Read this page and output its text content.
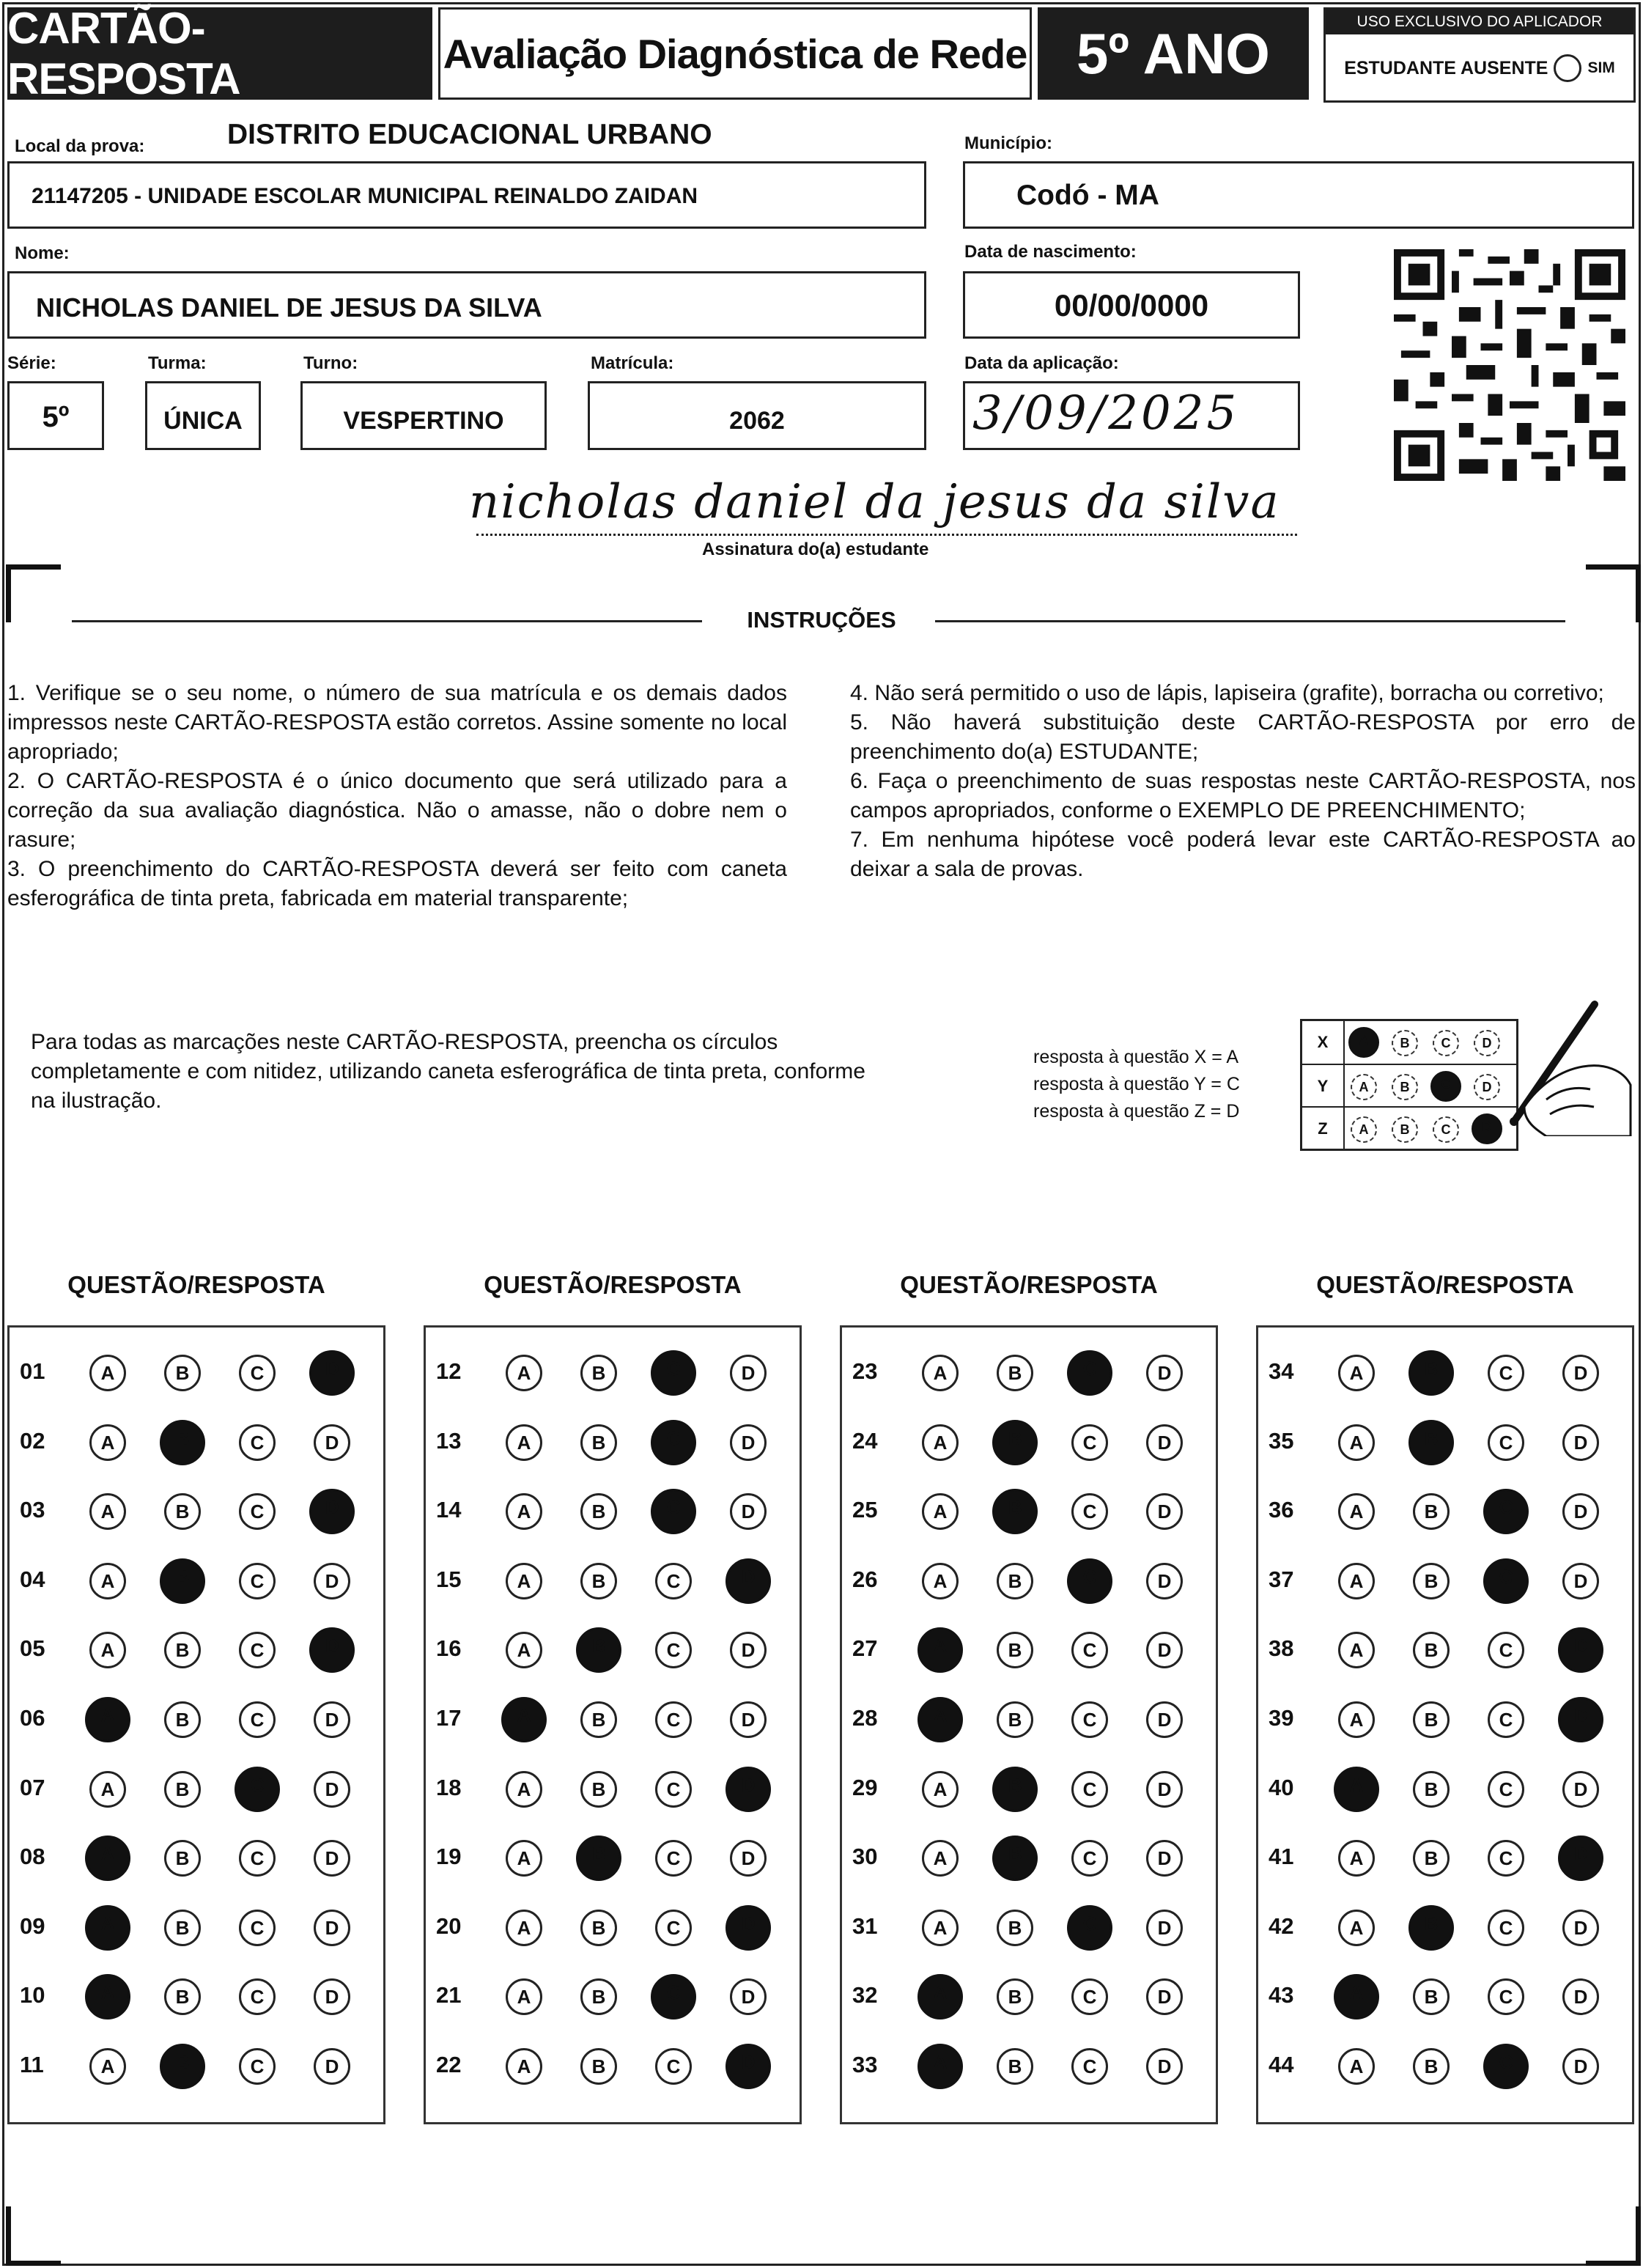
CARTÃO-RESPOSTA
Avaliação Diagnóstica de Rede 5º ANO	USO EXCLUSIVO DO APLICADOR
ESTUDANTE AUSENTE	SIM
Local da prova:	DISTRITO EDUCACIONAL URBANO
21147205 - UNIDADE ESCOLAR MUNICIPAL REINALDO ZAIDAN
Município:
Codó - MA
Nome:
NICHOLAS DANIEL DE JESUS DA SILVA
Data de nascimento:
00/00/0000
Série:
5º
Turma:
ÚNICA
Turno:
VESPERTINO
Matrícula:
2062
Data da aplicação:
3/09/2025
nicholas daniel da jesus da silva
Assinatura do(a) estudante
INSTRUÇÕES

1. Verifique se o seu nome, o número de sua matrícula e os demais dados impressos neste CARTÃO-RESPOSTA estão corretos. Assine somente no local apropriado;

2. O CARTÃO-RESPOSTA é o único documento que será utilizado para a correção da sua avaliação diagnóstica. Não o amasse, não o dobre nem o rasure;

3. O preenchimento do CARTÃO-RESPOSTA deverá ser feito com caneta esferográfica de tinta preta, fabricada em material transparente;

4. Não será permitido o uso de lápis, lapiseira (grafite), borracha ou corretivo;

5. Não haverá substituição deste CARTÃO-RESPOSTA por erro de preenchimento do(a) ESTUDANTE;

6. Faça o preenchimento de suas respostas neste CARTÃO-RESPOSTA, nos campos apropriados, conforme o EXEMPLO DE PREENCHIMENTO;

7. Em nenhuma hipótese você poderá levar este CARTÃO-RESPOSTA ao deixar a sala de provas.

Para todas as marcações neste CARTÃO-RESPOSTA, preencha os círculos completamente e com nitidez, utilizando caneta esferográfica de tinta preta, conforme na ilustração.
resposta à questão X = A
resposta à questão Y = C
resposta à questão Z = D
X	A	B	C	D
Y	A	B	C	D
Z	A	B	C	D
QUESTÃO/RESPOSTA
01	A	B	C	D
02	A	B	C	D
03	A	B	C	D
04	A	B	C	D
05	A	B	C	D
06	A	B	C	D
07	A	B	C	D
08	A	B	C	D
09	A	B	C	D
10	A	B	C	D
11	A	B	C	D
QUESTÃO/RESPOSTA
12	A	B	C	D
13	A	B	C	D
14	A	B	C	D
15	A	B	C	D
16	A	B	C	D
17	A	B	C	D
18	A	B	C	D
19	A	B	C	D
20	A	B	C	D
21	A	B	C	D
22	A	B	C	D
QUESTÃO/RESPOSTA
23	A	B	C	D
24	A	B	C	D
25	A	B	C	D
26	A	B	C	D
27	A	B	C	D
28	A	B	C	D
29	A	B	C	D
30	A	B	C	D
31	A	B	C	D
32	A	B	C	D
33	A	B	C	D
QUESTÃO/RESPOSTA
34	A	B	C	D
35	A	B	C	D
36	A	B	C	D
37	A	B	C	D
38	A	B	C	D
39	A	B	C	D
40	A	B	C	D
41	A	B	C	D
42	A	B	C	D
43	A	B	C	D
44	A	B	C	D
